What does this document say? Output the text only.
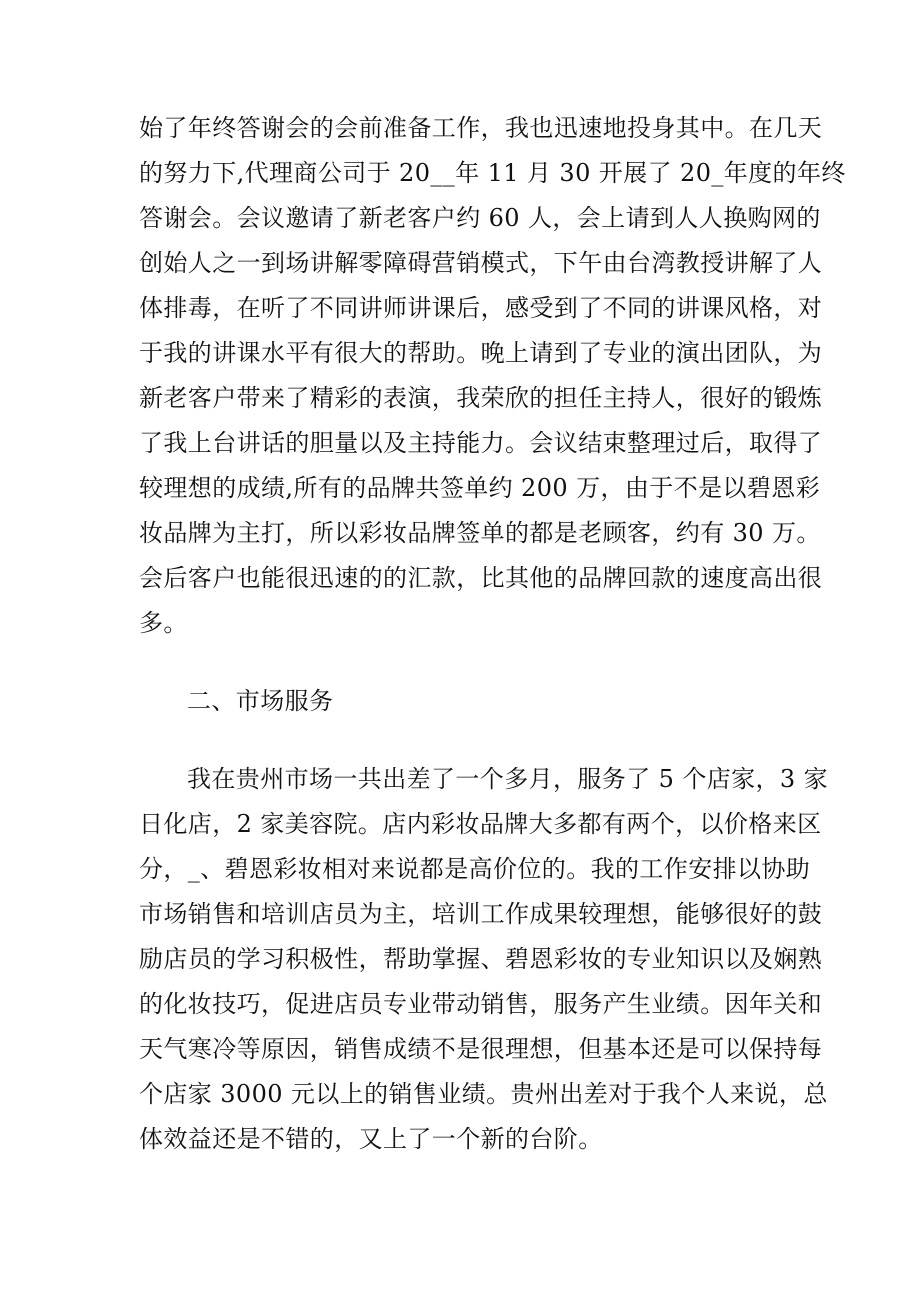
始了年终答谢会的会前准备工作，我也迅速地投身其中。在几天
的努力下,代理商公司于 20__年 11 月 30 开展了 20_年度的年终
答谢会。会议邀请了新老客户约 60 人，会上请到人人换购网的
创始人之一到场讲解零障碍营销模式，下午由台湾教授讲解了人
体排毒，在听了不同讲师讲课后，感受到了不同的讲课风格，对
于我的讲课水平有很大的帮助。晚上请到了专业的演出团队，为
新老客户带来了精彩的表演，我荣欣的担任主持人，很好的锻炼
了我上台讲话的胆量以及主持能力。会议结束整理过后，取得了
较理想的成绩,所有的品牌共签单约 200 万，由于不是以碧恩彩
妆品牌为主打，所以彩妆品牌签单的都是老顾客，约有 30 万。
会后客户也能很迅速的的汇款，比其他的品牌回款的速度高出很
多。
二、市场服务
我在贵州市场一共出差了一个多月，服务了 5 个店家，3 家
日化店，2 家美容院。店内彩妆品牌大多都有两个，以价格来区
分，_、碧恩彩妆相对来说都是高价位的。我的工作安排以协助
市场销售和培训店员为主，培训工作成果较理想，能够很好的鼓
励店员的学习积极性，帮助掌握、碧恩彩妆的专业知识以及娴熟
的化妆技巧，促进店员专业带动销售，服务产生业绩。因年关和
天气寒冷等原因，销售成绩不是很理想，但基本还是可以保持每
个店家 3000 元以上的销售业绩。贵州出差对于我个人来说，总
体效益还是不错的，又上了一个新的台阶。
